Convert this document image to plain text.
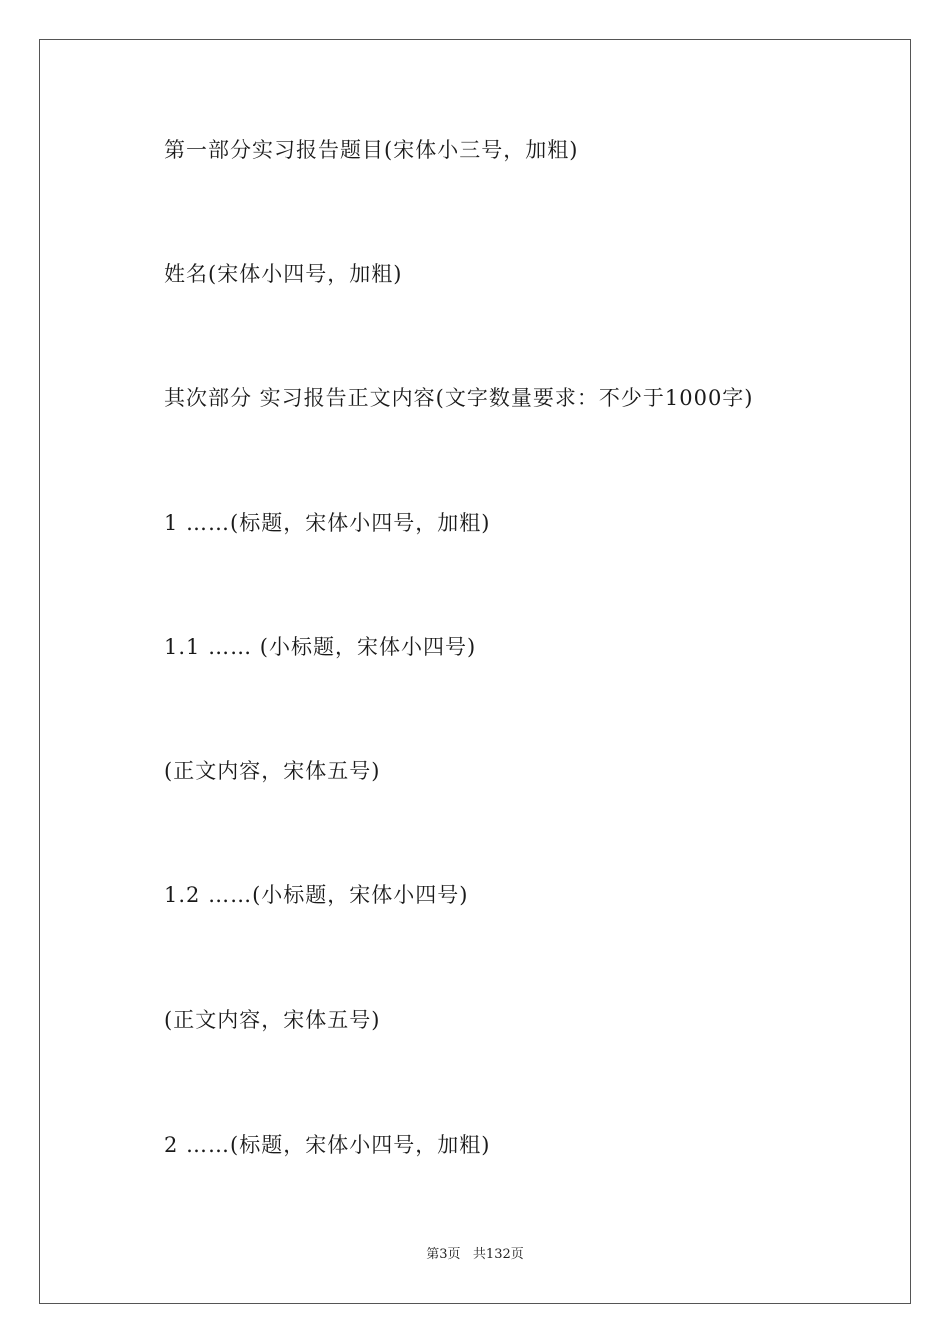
第一部分实习报告题目(宋体小三号，加粗)
姓名(宋体小四号，加粗)
其次部分 实习报告正文内容(文字数量要求：不少于1000字)
1 ……(标题，宋体小四号，加粗)
1.1 …… (小标题，宋体小四号)
(正文内容，宋体五号)
1.2 ……(小标题，宋体小四号)
(正文内容，宋体五号)
2 ……(标题，宋体小四号，加粗)
第3页   共132页
